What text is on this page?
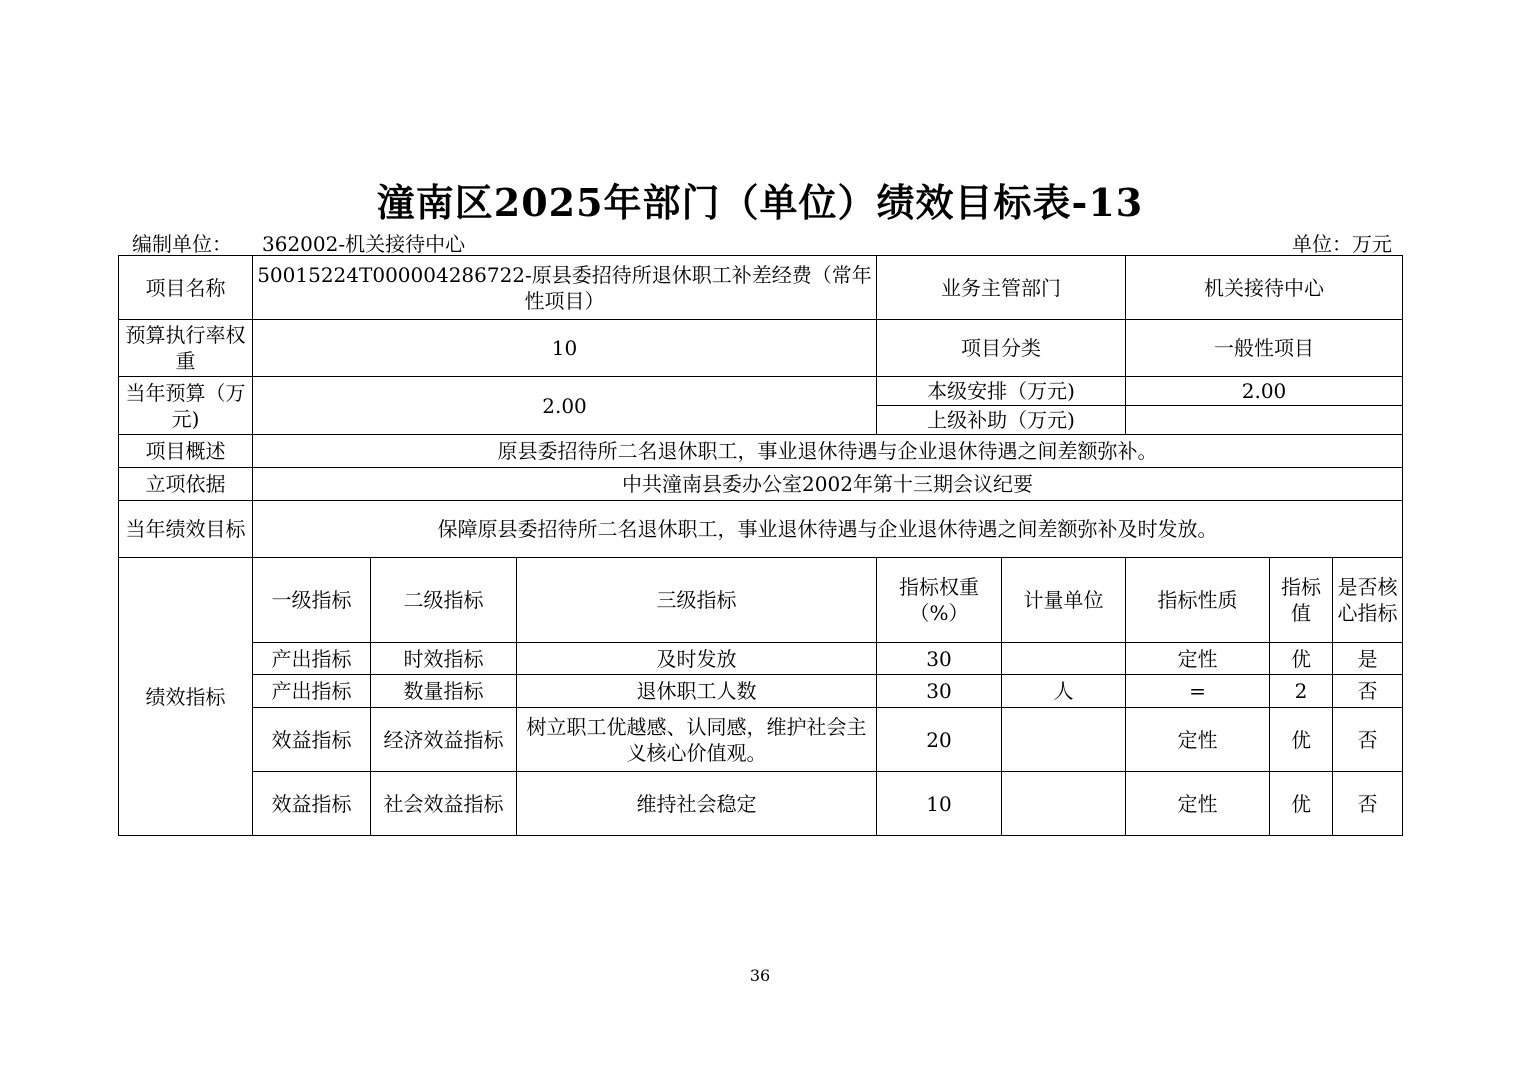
潼南区2025年部门（单位）绩效目标表-13
编制单位： 362002-机关接待中心	单位：万元
项目名称	50015224T000004286722-原县委招待所退休职工补差经费（常年性项目）			业务主管部门		机关接待中心		
预算执行率权重	10			项目分类		一般性项目		
当年预算（万元)	2.00			本级安排（万元)		2.00		
				上级补助（万元)				
项目概述	原县委招待所二名退休职工，事业退休待遇与企业退休待遇之间差额弥补。							
立项依据	中共潼南县委办公室2002年第十三期会议纪要							
当年绩效目标	保障原县委招待所二名退休职工，事业退休待遇与企业退休待遇之间差额弥补及时发放。							
绩效指标	一级指标	二级指标	三级指标	指标权重（%）	计量单位	指标性质	指标值	是否核心指标
	产出指标	时效指标	及时发放	30		定性	优	是
	产出指标	数量指标	退休职工人数	30	人	=	2	否
	效益指标	经济效益指标	树立职工优越感、认同感，维护社会主义核心价值观。	20		定性	优	否
	效益指标	社会效益指标	维持社会稳定	10		定性	优	否
36
